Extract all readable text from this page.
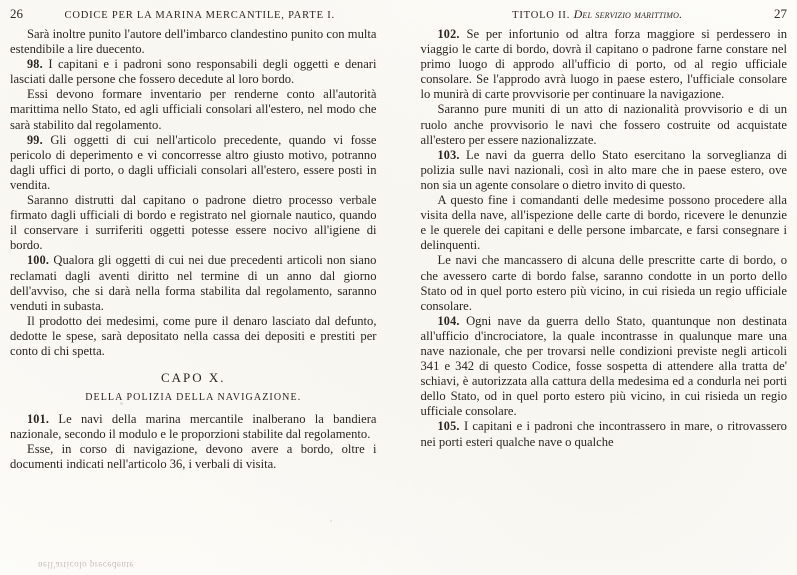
26	CODICE PER LA MARINA MERCANTILE, PARTE I.

Sarà inoltre punito l'autore dell'imbarco clandestino punito con multa estendibile a lire duecento.

98. I capitani e i padroni sono responsabili degli oggetti e denari lasciati dalle persone che fossero decedute al loro bordo.

Essi devono formare inventario per renderne conto all'autorità marittima nello Stato, ed agli ufficiali consolari all'estero, nel modo che sarà stabilito dal regolamento.

99. Gli oggetti di cui nell'articolo precedente, quando vi fosse pericolo di deperimento e vi concorresse altro giusto motivo, potranno dagli uffici di porto, o dagli ufficiali consolari all'estero, essere posti in vendita.

Saranno distrutti dal capitano o padrone dietro processo verbale firmato dagli ufficiali di bordo e registrato nel giornale nautico, quando il conservare i surriferiti oggetti potesse essere nocivo all'igiene di bordo.

100. Qualora gli oggetti di cui nei due precedenti articoli non siano reclamati dagli aventi diritto nel termine di un anno dal giorno dell'avviso, che si darà nella forma stabilita dal regolamento, saranno venduti in subasta.

Il prodotto dei medesimi, come pure il denaro lasciato dal defunto, dedotte le spese, sarà depositato nella cassa dei depositi e prestiti per conto di chi spetta.

CAPO X.
DELLA POLIZIA DELLA NAVIGAZIONE.

101. Le navi della marina mercantile inalberano la bandiera nazionale, secondo il modulo e le proporzioni stabilite dal regolamento.

Esse, in corso di navigazione, devono avere a bordo, oltre i documenti indicati nell'articolo 36, i verbali di visita.

nell'articolo precedente
TITOLO II. Del servizio marittimo.	27

102. Se per infortunio od altra forza maggiore si perdessero in viaggio le carte di bordo, dovrà il capitano o padrone farne constare nel primo luogo di approdo all'ufficio di porto, od al regio ufficiale consolare. Se l'approdo avrà luogo in paese estero, l'ufficiale consolare lo munirà di carte provvisorie per continuare la navigazione.

Saranno pure muniti di un atto di nazionalità provvisorio e di un ruolo anche provvisorio le navi che fossero costruite od acquistate all'estero per essere nazionalizzate.

103. Le navi da guerra dello Stato esercitano la sorveglianza di polizia sulle navi nazionali, così in alto mare che in paese estero, ove non sia un agente consolare o dietro invito di questo.

A questo fine i comandanti delle medesime possono procedere alla visita della nave, all'ispezione delle carte di bordo, ricevere le denunzie e le querele dei capitani e delle persone imbarcate, e farsi consegnare i delinquenti.

Le navi che mancassero di alcuna delle prescritte carte di bordo, o che avessero carte di bordo false, saranno condotte in un porto dello Stato od in quel porto estero più vicino, in cui risieda un regio ufficiale consolare.

104. Ogni nave da guerra dello Stato, quantunque non destinata all'ufficio d'incrociatore, la quale incontrasse in qualunque mare una nave nazionale, che per trovarsi nelle condizioni previste negli articoli 341 e 342 di questo Codice, fosse sospetta di attendere alla tratta de' schiavi, è autorizzata alla cattura della medesima ed a condurla nei porti dello Stato, od in quel porto estero più vicino, in cui risieda un regio ufficiale consolare.

105. I capitani e i padroni che incontrassero in mare, o ritrovassero nei porti esteri qualche nave o qualche
